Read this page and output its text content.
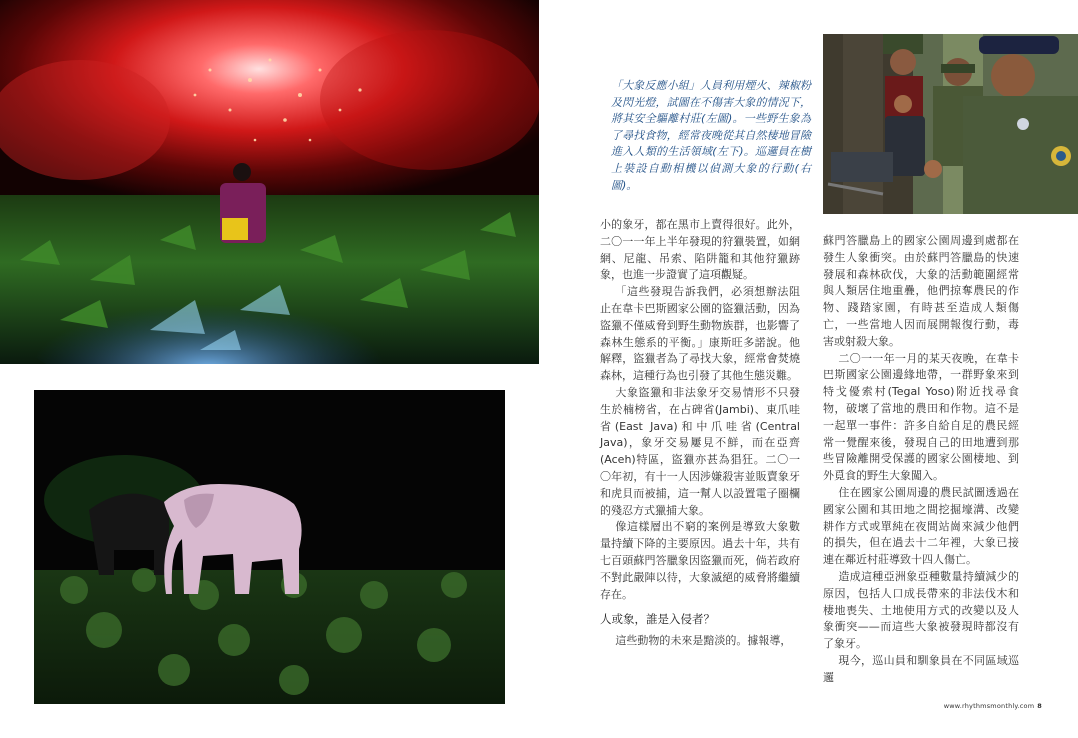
「大象反應小組」人員利用煙火、辣椒粉及閃光燈，試圖在不傷害大象的情況下，將其安全驅離村莊(左圖)。一些野生象為了尋找食物，經常夜晚從其自然棲地冒險進入人類的生活領域(左下)。巡邏員在樹上裝設自動相機以偵測大象的行動(右圖)。

小的象牙，都在黑市上賣得很好。此外，二〇一一年上半年發現的狩獵裝置，如網網、尼龍、吊索、陷阱籠和其他狩獵跡象，也進一步證實了這項觀疑。

「這些發現告訴我們，必須想辦法阻止在韋卡巴斯國家公園的盜獵活動，因為盜獵不僅威脅到野生動物族群，也影響了森林生態系的平衡。」康斯旺多諾說。他解釋，盜獵者為了尋找大象，經常會焚燒森林，這種行為也引發了其他生態災難。

大象盜獵和非法象牙交易情形不只發生於楠榜省，在占碑省(Jambi)、東爪哇省(East Java)和中爪哇省(Central Java)，象牙交易屢見不鮮，而在亞齊(Aceh)特區，盜獵亦甚為猖狂。二〇一〇年初，有十一人因涉嫌殺害並販賣象牙和虎貝而被捕，這一幫人以設置電子圈欄的殘忍方式獵捕大象。

像這樣層出不窮的案例是導致大象數量持續下降的主要原因。過去十年，共有七百頭蘇門答臘象因盜獵而死，倘若政府不對此嚴陣以待，大象滅絕的威脅將繼續存在。

人或象，誰是入侵者？

這些動物的未來是黯淡的。據報導，

蘇門答臘島上的國家公園周邊到處都在發生人象衝突。由於蘇門答臘島的快速發展和森林砍伐，大象的活動範圍經常與人類居住地重疊，他們掠奪農民的作物、踐踏家園，有時甚至造成人類傷亡，一些當地人因而展開報復行動，毒害或射殺大象。

二〇一一年一月的某天夜晚，在韋卡巴斯國家公園邊緣地帶，一群野象來到特戈優索村(Tegal Yoso)附近找尋食物，破壞了當地的農田和作物。這不是一起單一事件：許多自給自足的農民經常一覺醒來後，發現自己的田地遭到那些冒險離開受保護的國家公園棲地、到外覓食的野生大象闖入。

住在國家公園周邊的農民試圖透過在國家公園和其田地之間挖掘壕溝、改變耕作方式或單純在夜間站崗來減少他們的損失，但在過去十二年裡，大象已接連在鄰近村莊導致十四人傷亡。

造成這種亞洲象亞種數量持續減少的原因，包括人口成長帶來的非法伐木和棲地喪失、土地使用方式的改變以及人象衝突——而這些大象被發現時都沒有了象牙。

現今，巡山員和馴象員在不同區域巡邏

www.rhythmsmonthly.com 8
